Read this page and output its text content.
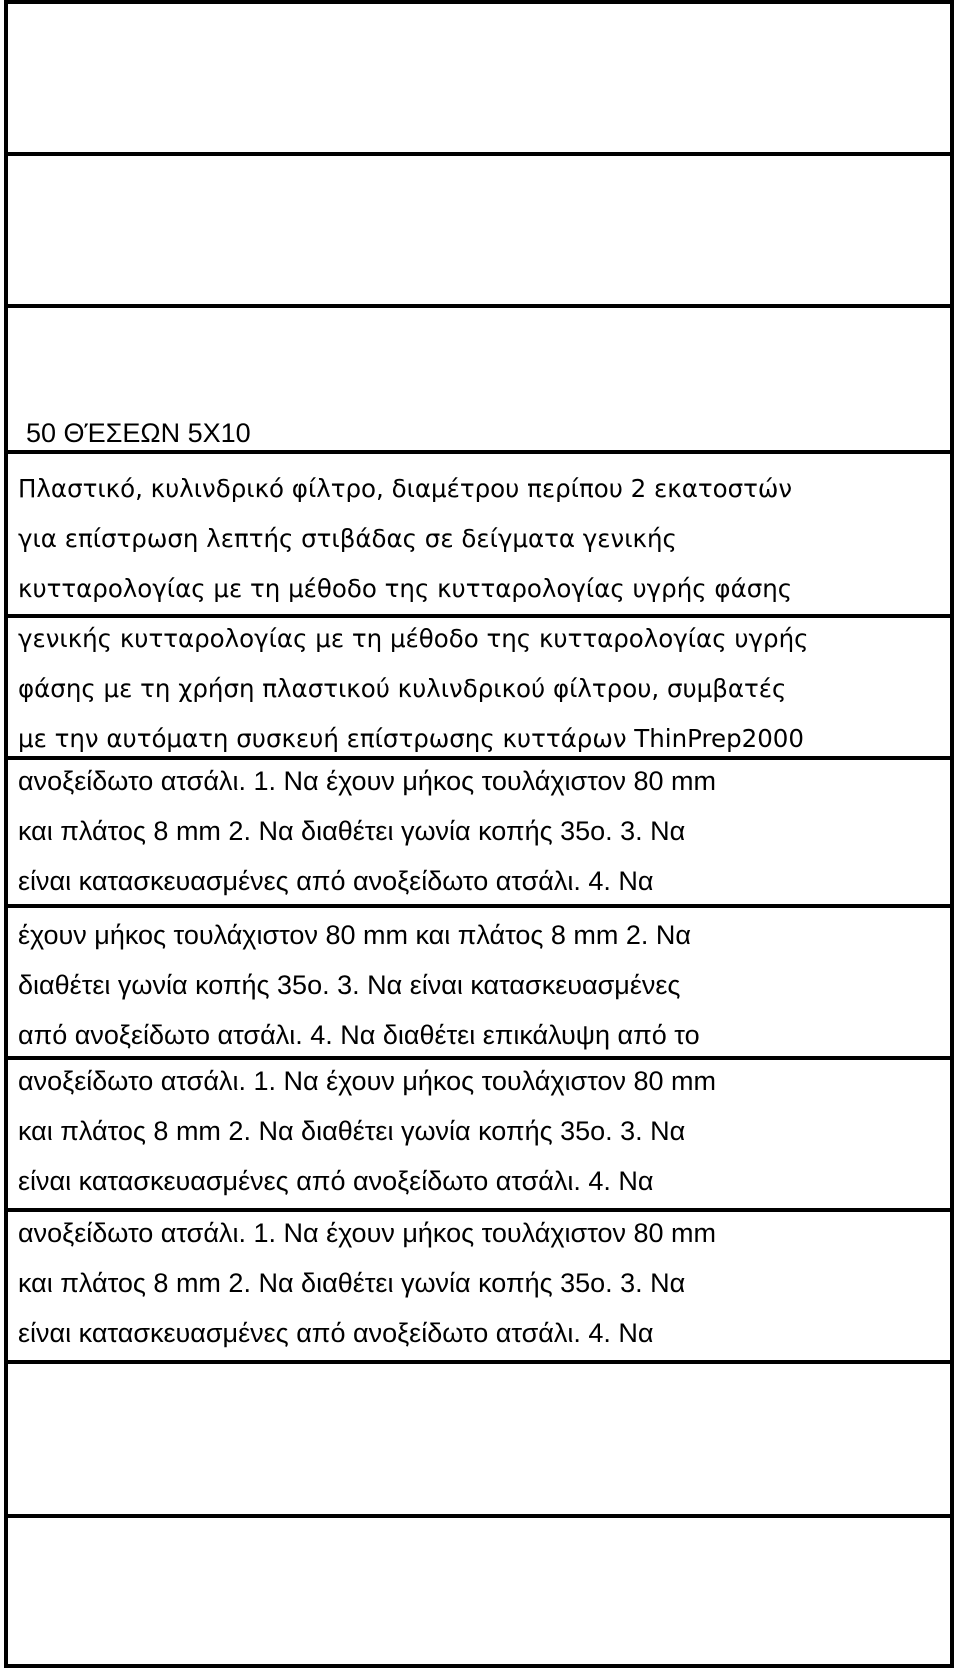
50 ΘΈΣΕΩΝ 5Χ10
Πλαστικό, κυλινδρικό φίλτρο, διαμέτρου περίπου 2 εκατοστών
για επίστρωση λεπτής στιβάδας σε δείγματα γενικής
κυτταρολογίας με τη μέθοδο της κυτταρολογίας υγρής φάσης
γενικής κυτταρολογίας με τη μέθοδο της κυτταρολογίας υγρής
φάσης με τη χρήση πλαστικού κυλινδρικού φίλτρου, συμβατές
με την αυτόματη συσκευή επίστρωσης κυττάρων ThinPrep2000
ανοξείδωτο ατσάλι. 1. Να έχουν μήκος τουλάχιστον 80 mm
και πλάτος 8 mm 2. Να διαθέτει γωνία κοπής 35ο. 3. Να
είναι κατασκευασμένες από ανοξείδωτο ατσάλι. 4. Να
έχουν μήκος τουλάχιστον 80 mm και πλάτος 8 mm 2. Να
διαθέτει γωνία κοπής 35ο. 3. Να είναι κατασκευασμένες
από ανοξείδωτο ατσάλι. 4. Να διαθέτει επικάλυψη από το
ανοξείδωτο ατσάλι. 1. Να έχουν μήκος τουλάχιστον 80 mm
και πλάτος 8 mm 2. Να διαθέτει γωνία κοπής 35ο. 3. Να
είναι κατασκευασμένες από ανοξείδωτο ατσάλι. 4. Να
ανοξείδωτο ατσάλι. 1. Να έχουν μήκος τουλάχιστον 80 mm
και πλάτος 8 mm 2. Να διαθέτει γωνία κοπής 35ο. 3. Να
είναι κατασκευασμένες από ανοξείδωτο ατσάλι. 4. Να
